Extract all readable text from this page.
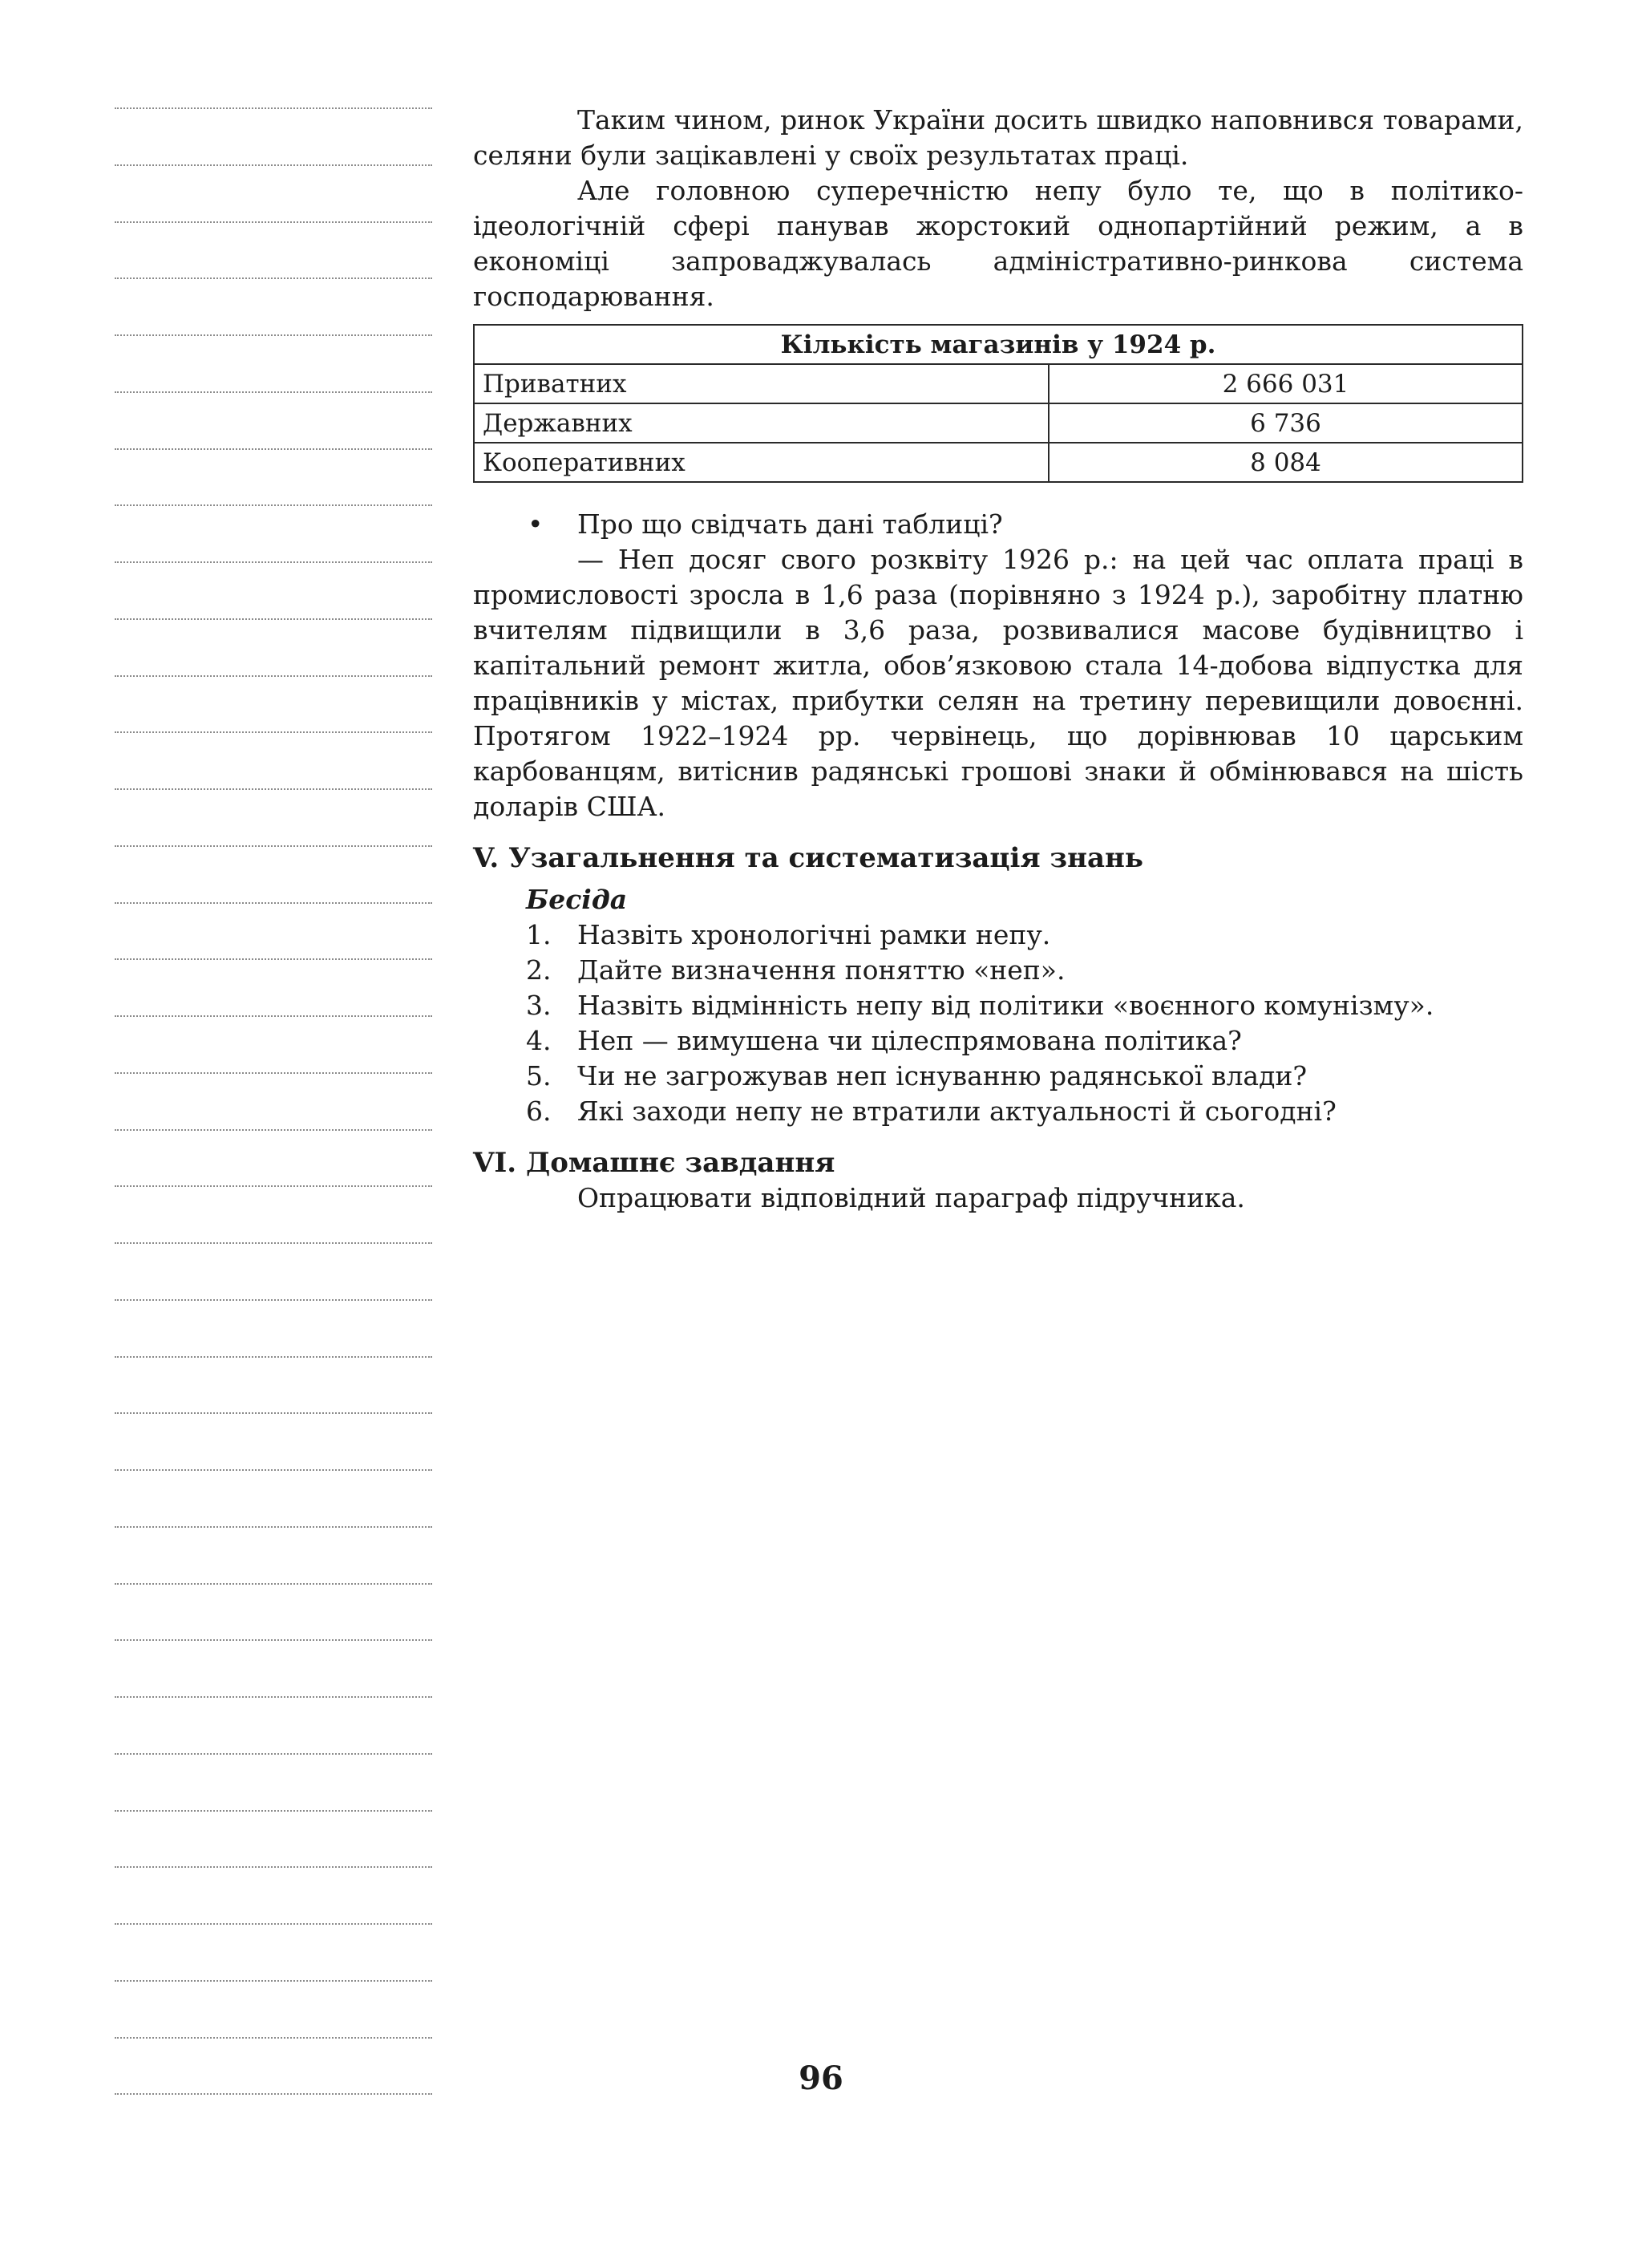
Таким чином, ринок України досить швидко наповнився товарами, селяни були зацікавлені у своїх результатах праці.

Але головною суперечністю непу було те, що в політико-ідеологічній сфері панував жорстокий однопартійний режим, а в економіці запроваджувалась адміністративно-ринкова система господарювання.

Кількість магазинів у 1924 р.	
Приватних	2 666 031
Державних	6 736
Кооперативних	8 084
• Про що свідчать дані таблиці?

— Неп досяг свого розквіту 1926 р.: на цей час оплата праці в промисловості зросла в 1,6 раза (порівняно з 1924 р.), заробітну платню вчителям підвищили в 3,6 раза, розвивалися масове будівництво і капітальний ремонт житла, обов’язковою стала 14-добова відпустка для працівників у містах, прибутки селян на третину перевищили довоєнні. Протягом 1922–1924 рр. червінець, що дорівнював 10 царським карбованцям, витіснив радянські грошові знаки й обмінювався на шість доларів США.

V. Узагальнення та систематизація знань
Бесіда
1. Назвіть хронологічні рамки непу.
2. Дайте визначення поняттю «неп».
3. Назвіть відмінність непу від політики «воєнного комунізму».
4. Неп — вимушена чи цілеспрямована політика?
5. Чи не загрожував неп існуванню радянської влади?
6. Які заходи непу не втратили актуальності й сьогодні?
VI. Домашнє завдання
Опрацювати відповідний параграф підручника.
96
